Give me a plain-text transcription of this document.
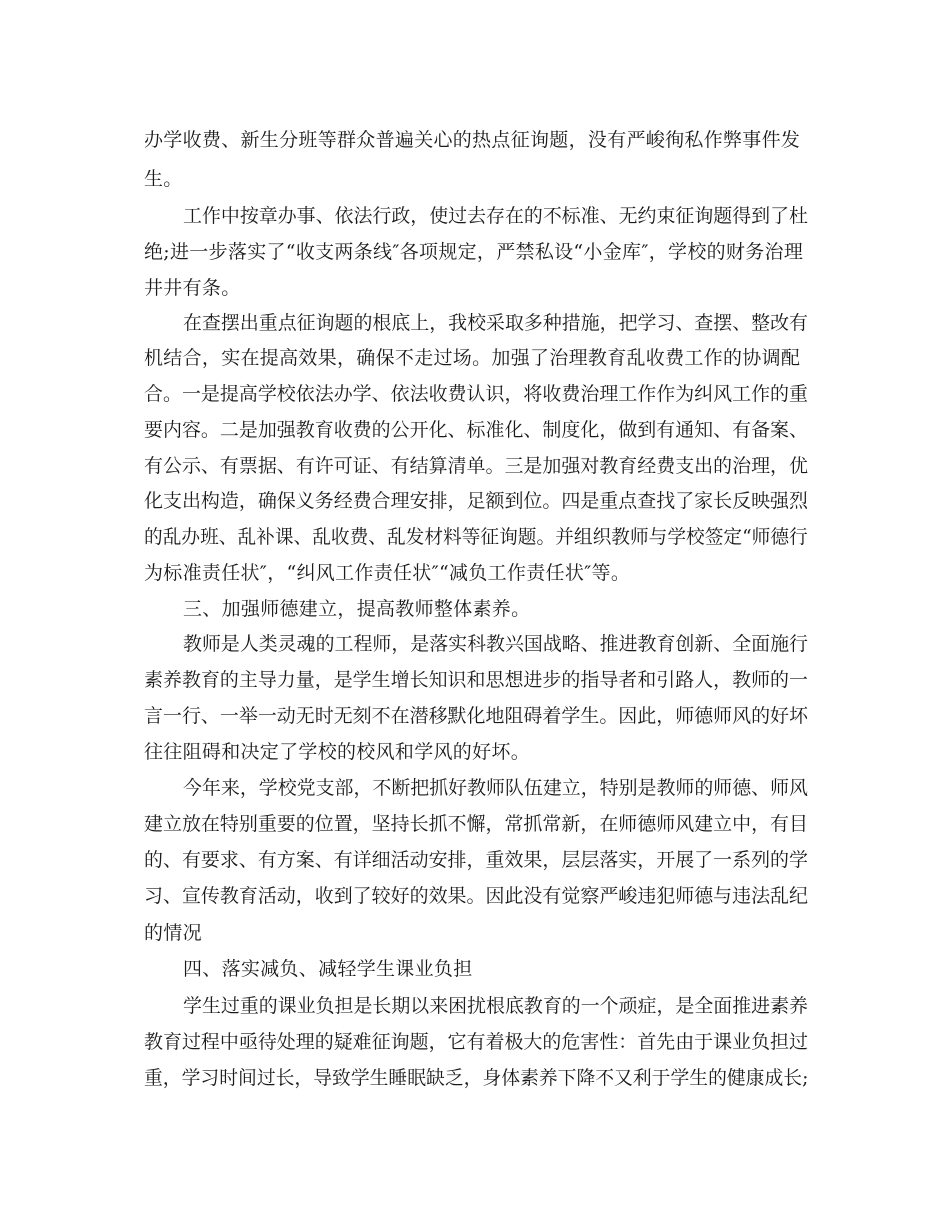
办学收费、新生分班等群众普遍关心的热点征询题，没有严峻徇私作弊事件发

生。

工作中按章办事、依法行政，使过去存在的不标准、无约束征询题得到了杜

绝;进一步落实了“收支两条线″各项规定，严禁私设“小金库″，学校的财务治理

井井有条。

在查摆出重点征询题的根底上，我校采取多种措施，把学习、查摆、整改有

机结合，实在提高效果，确保不走过场。加强了治理教育乱收费工作的协调配

合。一是提高学校依法办学、依法收费认识，将收费治理工作作为纠风工作的重

要内容。二是加强教育收费的公开化、标准化、制度化，做到有通知、有备案、

有公示、有票据、有许可证、有结算清单。三是加强对教育经费支出的治理，优

化支出构造，确保义务经费合理安排，足额到位。四是重点查找了家长反映强烈

的乱办班、乱补课、乱收费、乱发材料等征询题。并组织教师与学校签定“师德行

为标准责任状″，“纠风工作责任状″“减负工作责任状″等。

三、加强师德建立，提高教师整体素养。

教师是人类灵魂的工程师，是落实科教兴国战略、推进教育创新、全面施行

素养教育的主导力量，是学生增长知识和思想进步的指导者和引路人，教师的一

言一行、一举一动无时无刻不在潜移默化地阻碍着学生。因此，师德师风的好坏

往往阻碍和决定了学校的校风和学风的好坏。

今年来，学校党支部，不断把抓好教师队伍建立，特别是教师的师德、师风

建立放在特别重要的位置，坚持长抓不懈，常抓常新，在师德师风建立中，有目

的、有要求、有方案、有详细活动安排，重效果，层层落实，开展了一系列的学

习、宣传教育活动，收到了较好的效果。因此没有觉察严峻违犯师德与违法乱纪

的情况

四、落实减负、减轻学生课业负担

学生过重的课业负担是长期以来困扰根底教育的一个顽症，是全面推进素养

教育过程中亟待处理的疑难征询题，它有着极大的危害性：首先由于课业负担过

重，学习时间过长，导致学生睡眠缺乏，身体素养下降不又利于学生的健康成长;
